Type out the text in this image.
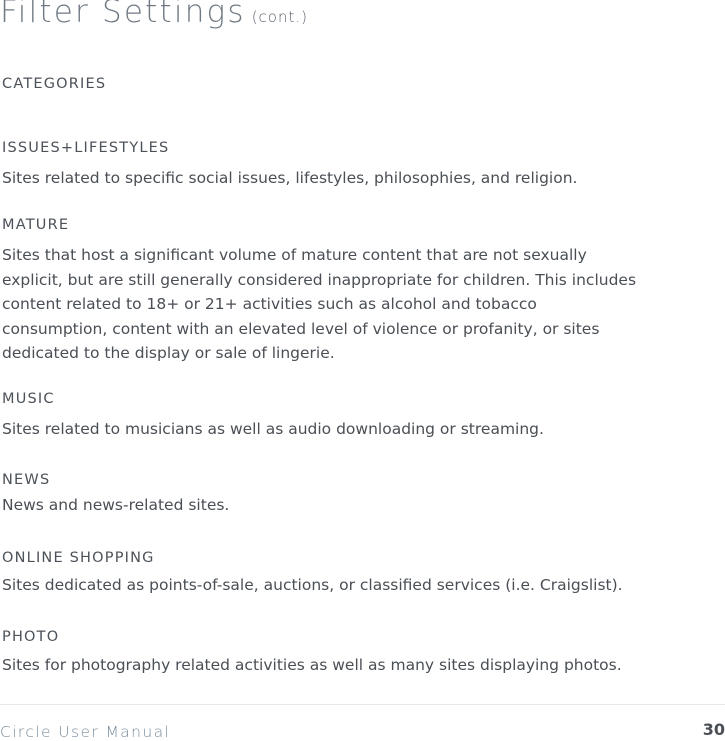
Filter Settings (cont.)
CATEGORIES
ISSUES+LIFESTYLES
Sites related to specific social issues, lifestyles, philosophies, and religion.
MATURE
Sites that host a significant volume of mature content that are not sexually explicit, but are still generally considered inappropriate for children. This includes content related to 18+ or 21+ activities such as alcohol and tobacco consumption, content with an elevated level of violence or profanity, or sites dedicated to the display or sale of lingerie.
MUSIC
Sites related to musicians as well as audio downloading or streaming.
NEWS
News and news-related sites.
ONLINE SHOPPING
Sites dedicated as points-of-sale, auctions, or classified services (i.e. Craigslist).
PHOTO
Sites for photography related activities as well as many sites displaying photos.
Circle User Manual	30
